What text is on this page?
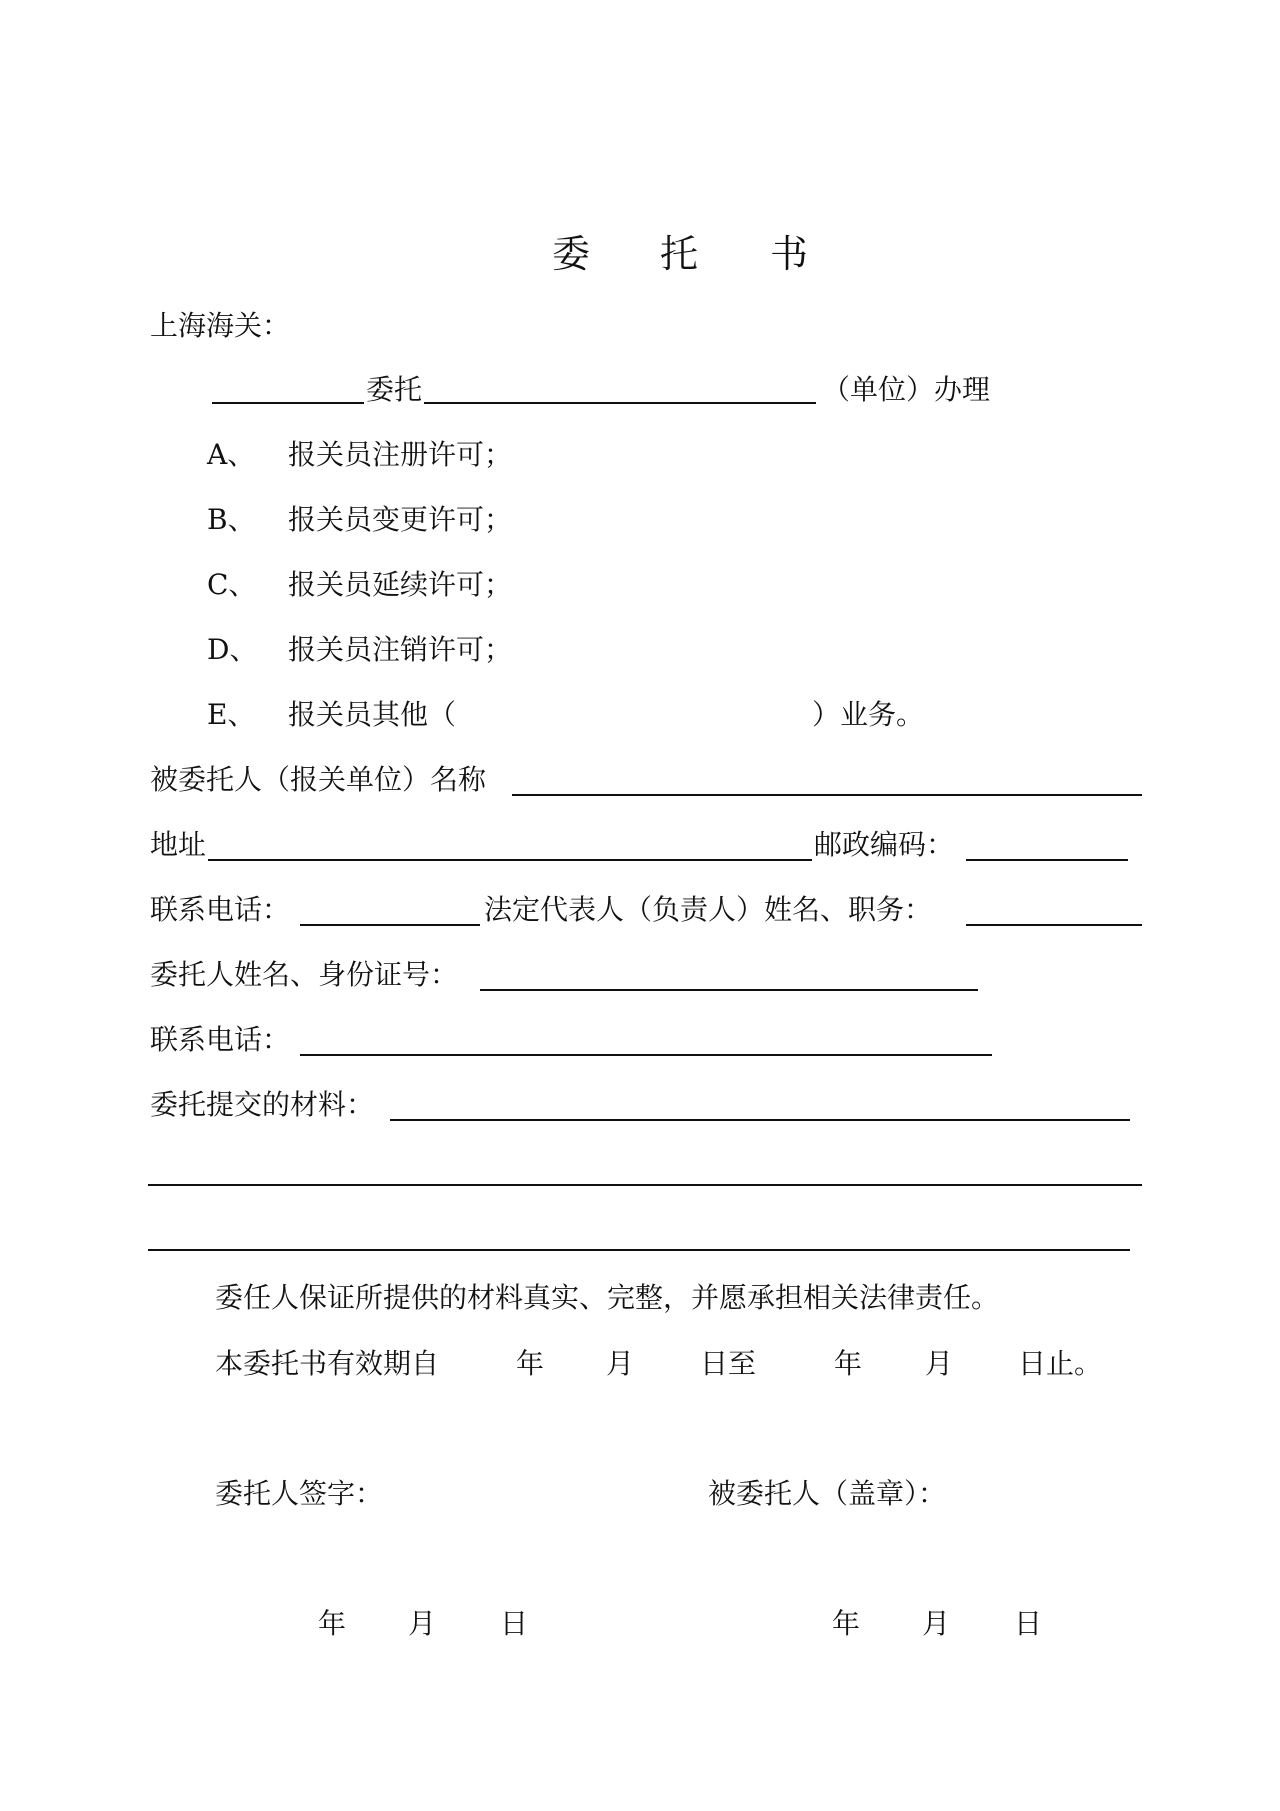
委 托 书
上海海关：
委托	（单位）办理
A、 报关员注册许可；
B、 报关员变更许可；
C、 报关员延续许可；
D、 报关员注销许可；
E、 报关员其他（	）业务。
被委托人（报关单位）名称
地址	邮政编码：
联系电话：	法定代表人（负责人）姓名、职务：
委托人姓名、身份证号：
联系电话：
委托提交的材料：
委任人保证所提供的材料真实、完整，并愿承担相关法律责任。
本委托书有效期自	年 月 日至	年 月 日止。
委托人签字：	被委托人（盖章）：
年 月 日	年 月 日
